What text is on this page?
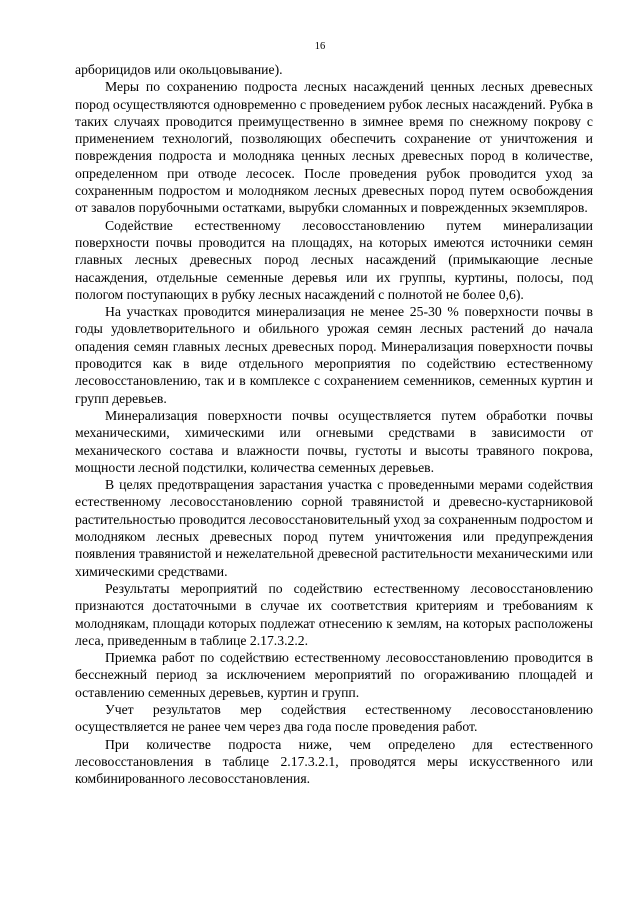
16

арборицидов или окольцовывание).

Меры по сохранению подроста лесных насаждений ценных лесных древесных пород осуществляются одновременно с проведением рубок лесных насаждений. Рубка в таких случаях проводится преимущественно в зимнее время по снежному покрову с применением технологий, позволяющих обеспечить сохранение от уничтожения и повреждения подроста и молодняка ценных лесных древесных пород в количестве, определенном при отводе лесосек. После проведения рубок проводится уход за сохраненным подростом и молодняком лесных древесных пород путем освобождения от завалов порубочными остатками, вырубки сломанных и поврежденных экземпляров.

Содействие естественному лесовосстановлению путем минерализации поверхности почвы проводится на площадях, на которых имеются источники семян главных лесных древесных пород лесных насаждений (примыкающие лесные насаждения, отдельные семенные деревья или их группы, куртины, полосы, под пологом поступающих в рубку лесных насаждений с полнотой не более 0,6).

На участках проводится минерализация не менее 25-30 % поверхности почвы в годы удовлетворительного и обильного урожая семян лесных растений до начала опадения семян главных лесных древесных пород. Минерализация поверхности почвы проводится как в виде отдельного мероприятия по содействию естественному лесовосстановлению, так и в комплексе с сохранением семенников, семенных куртин и групп деревьев.

Минерализация поверхности почвы осуществляется путем обработки почвы механическими, химическими или огневыми средствами в зависимости от механического состава и влажности почвы, густоты и высоты травяного покрова, мощности лесной подстилки, количества семенных деревьев.

В целях предотвращения зарастания участка с проведенными мерами содействия естественному лесовосстановлению сорной травянистой и древесно-кустарниковой растительностью проводится лесовосстановительный уход за сохраненным подростом и молодняком лесных древесных пород путем уничтожения или предупреждения появления травянистой и нежелательной древесной растительности механическими или химическими средствами.

Результаты мероприятий по содействию естественному лесовосстановлению признаются достаточными в случае их соответствия критериям и требованиям к молоднякам, площади которых подлежат отнесению к землям, на которых расположены леса, приведенным в таблице 2.17.3.2.2.

Приемка работ по содействию естественному лесовосстановлению проводится в бесснежный период за исключением мероприятий по огораживанию площадей и оставлению семенных деревьев, куртин и групп.

Учет результатов мер содействия естественному лесовосстановлению осуществляется не ранее чем через два года после проведения работ.

При количестве подроста ниже, чем определено для естественного лесовосстановления в таблице 2.17.3.2.1, проводятся меры искусственного или комбинированного лесовосстановления.
